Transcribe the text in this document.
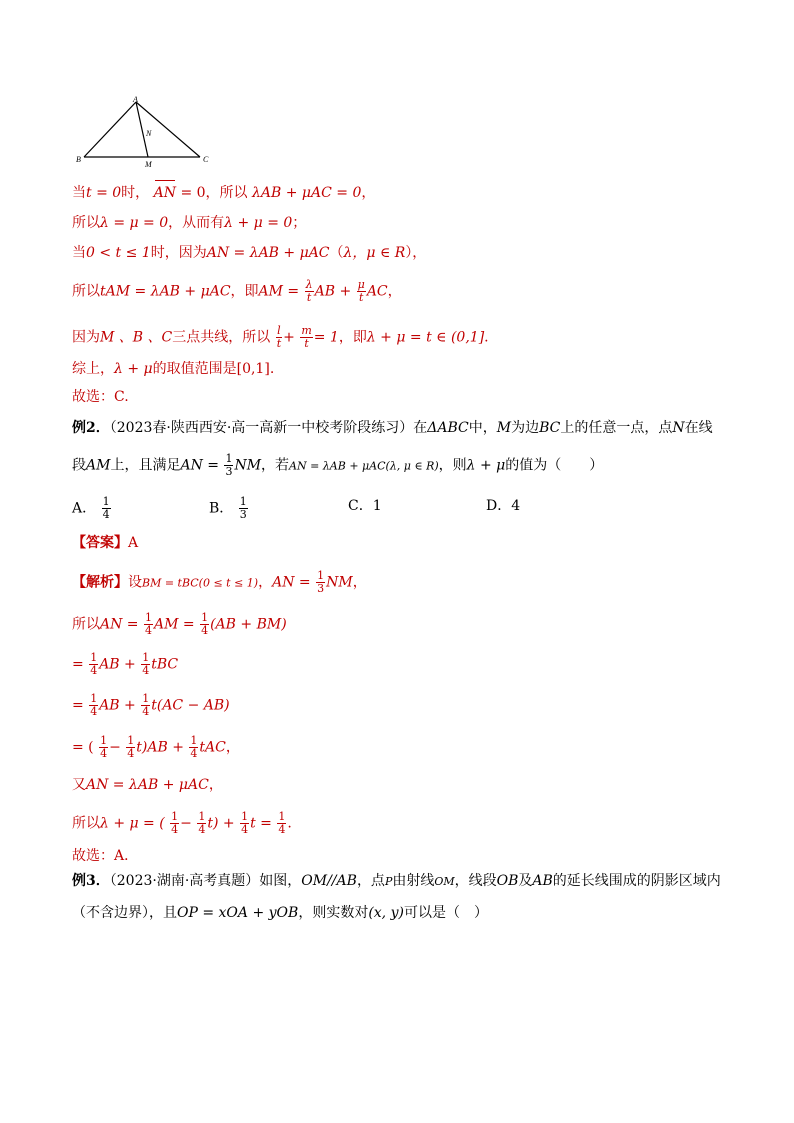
A
B	C
M
N
当t = 0时， AN = 0，所以 λAB + μAC = 0，
所以λ = μ = 0，从而有λ + μ = 0；
当0 < t ≤ 1时，因为AN = λAB + μAC（λ，μ ∈ R），
所以tAM = λAB + μAC，即AM = $\frac{\lambda}{t}$ AB + $\frac{\mu}{t}$ AC，
因为M 、B 、C三点共线，所以 $\frac{l}{t} + \frac{m}{t} = 1$，即λ + μ = t ∈ (0,1].
综上，λ + μ的取值范围是[0,1].
故选：C.
例2．（2023春·陕西西安·高一高新一中校考阶段练习）在ΔABC中，M为边BC上的任意一点，点N在线
段AM上，且满足AN = $\frac{1}{3}$ NM，若AN = λAB + μAC(λ, μ ∈ R)，则λ + μ的值为（　　）
A． $\frac{1}{4}$	B． $\frac{1}{3}$	C．1	D．4
【答案】A
【解析】设BM = tBC(0 ≤ t ≤ 1)，AN = $\frac{1}{3}$ NM，
所以AN = $\frac{1}{4}$ AM = $\frac{1}{4} (AB + BM)$
= $\frac{1}{4}$ AB + $\frac{1}{4}$ tBC
= $\frac{1}{4}$ AB + $\frac{1}{4} t(AC - AB)$
= ( $\frac{1}{4} - \frac{1}{4} t)AB + \frac{1}{4}$ tAC，
又AN = λAB + μAC，
所以λ + μ = ( $\frac{1}{4} - \frac{1}{4} t) + \frac{1}{4}$ $t = \frac{1}{4}$ .
故选：A．
例3．（2023·湖南·高考真题）如图，OM//AB，点P由射线OM，线段OB及AB的延长线围成的阴影区域内
（不含边界），且OP = xOA + yOB，则实数对(x, y)可以是（　）
